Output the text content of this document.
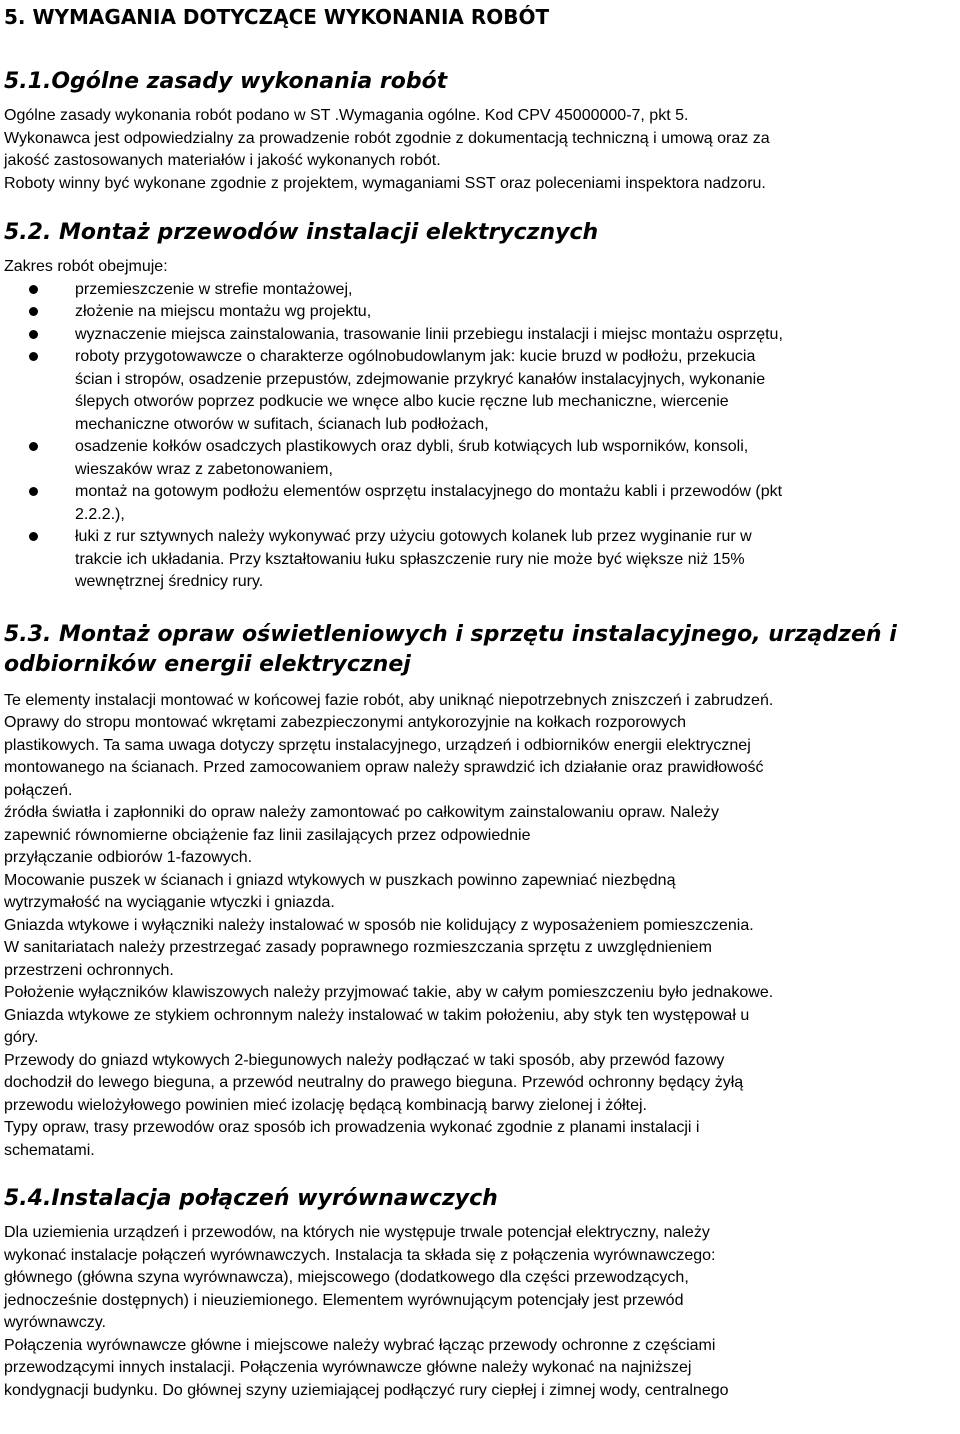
5. WYMAGANIA DOTYCZĄCE WYKONANIA ROBÓT
5.1.Ogólne zasady wykonania robót

Ogólne zasady wykonania robót podano w ST .Wymagania ogólne. Kod CPV 45000000-7, pkt 5.

Wykonawca jest odpowiedzialny za prowadzenie robót zgodnie z dokumentacją techniczną i umową oraz za

jakość zastosowanych materiałów i jakość wykonanych robót.

Roboty winny być wykonane zgodnie z projektem, wymaganiami SST oraz poleceniami inspektora nadzoru.

5.2. Montaż przewodów instalacji elektrycznych

Zakres robót obejmuje:

przemieszczenie w strefie montażowej,
złożenie na miejscu montażu wg projektu,
wyznaczenie miejsca zainstalowania, trasowanie linii przebiegu instalacji i miejsc montażu osprzętu,
roboty przygotowawcze o charakterze ogólnobudowlanym jak: kucie bruzd w podłożu, przekucia
ścian i stropów, osadzenie przepustów, zdejmowanie przykryć kanałów instalacyjnych, wykonanie
ślepych otworów poprzez podkucie we wnęce albo kucie ręczne lub mechaniczne, wiercenie
mechaniczne otworów w sufitach, ścianach lub podłożach,
osadzenie kołków osadczych plastikowych oraz dybli, śrub kotwiących lub wsporników, konsoli,
wieszaków wraz z zabetonowaniem,
montaż na gotowym podłożu elementów osprzętu instalacyjnego do montażu kabli i przewodów (pkt
2.2.2.),
łuki z rur sztywnych należy wykonywać przy użyciu gotowych kolanek lub przez wyginanie rur w
trakcie ich układania. Przy kształtowaniu łuku spłaszczenie rury nie może być większe niż 15%
wewnętrznej średnicy rury.
5.3. Montaż opraw oświetleniowych i sprzętu instalacyjnego, urządzeń i
odbiorników energii elektrycznej

Te elementy instalacji montować w końcowej fazie robót, aby uniknąć niepotrzebnych zniszczeń i zabrudzeń.

Oprawy do stropu montować wkrętami zabezpieczonymi antykorozyjnie na kołkach rozporowych

plastikowych. Ta sama uwaga dotyczy sprzętu instalacyjnego, urządzeń i odbiorników energii elektrycznej

montowanego na ścianach. Przed zamocowaniem opraw należy sprawdzić ich działanie oraz prawidłowość

połączeń.

źródła światła i zapłonniki do opraw należy zamontować po całkowitym zainstalowaniu opraw. Należy

zapewnić równomierne obciążenie faz linii zasilających przez odpowiednie

przyłączanie odbiorów 1-fazowych.

Mocowanie puszek w ścianach i gniazd wtykowych w puszkach powinno zapewniać niezbędną

wytrzymałość na wyciąganie wtyczki i gniazda.

Gniazda wtykowe i wyłączniki należy instalować w sposób nie kolidujący z wyposażeniem pomieszczenia.

W sanitariatach należy przestrzegać zasady poprawnego rozmieszczania sprzętu z uwzględnieniem

przestrzeni ochronnych.

Położenie wyłączników klawiszowych należy przyjmować takie, aby w całym pomieszczeniu było jednakowe.

Gniazda wtykowe ze stykiem ochronnym należy instalować w takim położeniu, aby styk ten występował u

góry.

Przewody do gniazd wtykowych 2-biegunowych należy podłączać w taki sposób, aby przewód fazowy

dochodził do lewego bieguna, a przewód neutralny do prawego bieguna. Przewód ochronny będący żyłą

przewodu wielożyłowego powinien mieć izolację będącą kombinacją barwy zielonej i żółtej.

Typy opraw, trasy przewodów oraz sposób ich prowadzenia wykonać zgodnie z planami instalacji i

schematami.

5.4.Instalacja połączeń wyrównawczych

Dla uziemienia urządzeń i przewodów, na których nie występuje trwale potencjał elektryczny, należy

wykonać instalacje połączeń wyrównawczych. Instalacja ta składa się z połączenia wyrównawczego:

głównego (główna szyna wyrównawcza), miejscowego (dodatkowego dla części przewodzących,

jednocześnie dostępnych) i nieuziemionego. Elementem wyrównującym potencjały jest przewód

wyrównawczy.

Połączenia wyrównawcze główne i miejscowe należy wybrać łącząc przewody ochronne z częściami

przewodzącymi innych instalacji. Połączenia wyrównawcze główne należy wykonać na najniższej

kondygnacji budynku. Do głównej szyny uziemiającej podłączyć rury ciepłej i zimnej wody, centralnego
